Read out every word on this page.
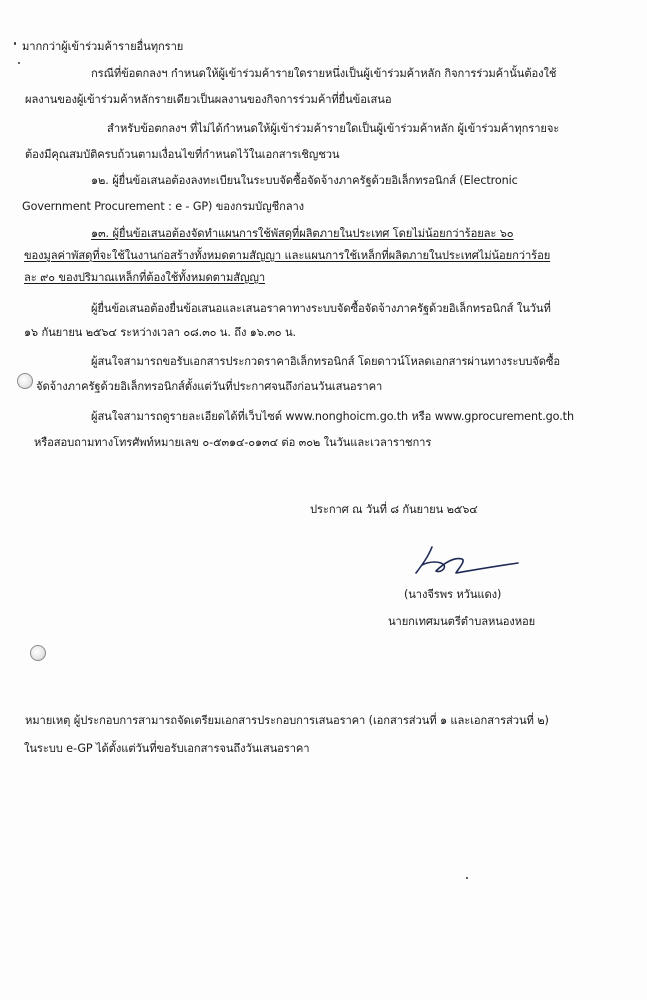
มากกว่าผู้เข้าร่วมค้ารายอื่นทุกราย
กรณีที่ข้อตกลงฯ กำหนดให้ผู้เข้าร่วมค้ารายใดรายหนึ่งเป็นผู้เข้าร่วมค้าหลัก กิจการร่วมค้านั้นต้องใช้
ผลงานของผู้เข้าร่วมค้าหลักรายเดียวเป็นผลงานของกิจการร่วมค้าที่ยื่นข้อเสนอ
สำหรับข้อตกลงฯ ที่ไม่ได้กำหนดให้ผู้เข้าร่วมค้ารายใดเป็นผู้เข้าร่วมค้าหลัก ผู้เข้าร่วมค้าทุกรายจะ
ต้องมีคุณสมบัติครบถ้วนตามเงื่อนไขที่กำหนดไว้ในเอกสารเชิญชวน
๑๒. ผู้ยื่นข้อเสนอต้องลงทะเบียนในระบบจัดซื้อจัดจ้างภาครัฐด้วยอิเล็กทรอนิกส์ (Electronic
Government Procurement : e - GP) ของกรมบัญชีกลาง
๑๓. ผู้ยื่นข้อเสนอต้องจัดทำแผนการใช้พัสดุที่ผลิตภายในประเทศ โดยไม่น้อยกว่าร้อยละ ๖๐
ของมูลค่าพัสดุที่จะใช้ในงานก่อสร้างทั้งหมดตามสัญญา และแผนการใช้เหล็กที่ผลิตภายในประเทศไม่น้อยกว่าร้อย
ละ ๙๐ ของปริมาณเหล็กที่ต้องใช้ทั้งหมดตามสัญญา
ผู้ยื่นข้อเสนอต้องยื่นข้อเสนอและเสนอราคาทางระบบจัดซื้อจัดจ้างภาครัฐด้วยอิเล็กทรอนิกส์ ในวันที่
๑๖ กันยายน ๒๕๖๔ ระหว่างเวลา ๐๘.๓๐ น. ถึง ๑๖.๓๐ น.
ผู้สนใจสามารถขอรับเอกสารประกวดราคาอิเล็กทรอนิกส์ โดยดาวน์โหลดเอกสารผ่านทางระบบจัดซื้อ
จัดจ้างภาครัฐด้วยอิเล็กทรอนิกส์ตั้งแต่วันที่ประกาศจนถึงก่อนวันเสนอราคา
ผู้สนใจสามารถดูรายละเอียดได้ที่เว็บไซต์ www.nonghoicm.go.th หรือ www.gprocurement.go.th
หรือสอบถามทางโทรศัพท์หมายเลข ๐-๕๓๑๔-๐๑๓๔ ต่อ ๓๐๒ ในวันและเวลาราชการ
ประกาศ ณ วันที่ ๘ กันยายน ๒๕๖๔
(นางจีรพร หวันแดง)
นายกเทศมนตรีตำบลหนองหอย
หมายเหตุ ผู้ประกอบการสามารถจัดเตรียมเอกสารประกอบการเสนอราคา (เอกสารส่วนที่ ๑ และเอกสารส่วนที่ ๒)
ในระบบ e-GP ได้ตั้งแต่วันที่ขอรับเอกสารจนถึงวันเสนอราคา
